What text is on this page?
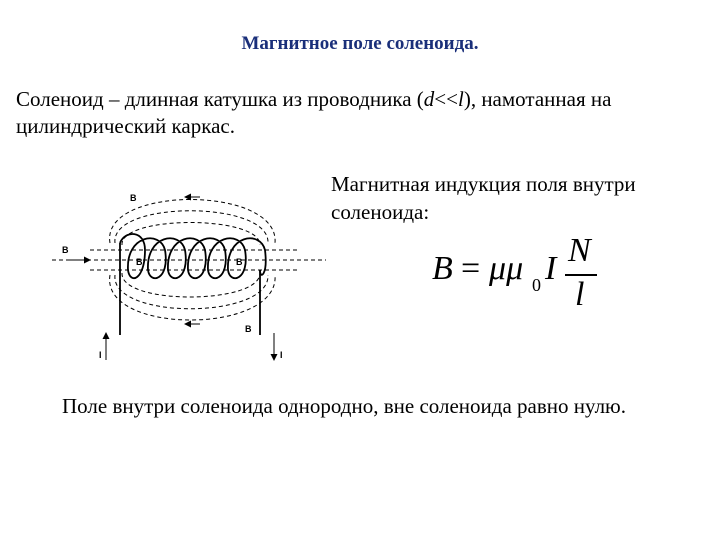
Магнитное поле соленоида.
Соленоид – длинная катушка из проводника (d<<l), намотанная на цилиндрический каркас.
Магнитная индукция поля внутри соленоида:
B = μμ 0 I N
l
B
B
B	B
B
I	I
Поле внутри соленоида однородно, вне соленоида равно нулю.
